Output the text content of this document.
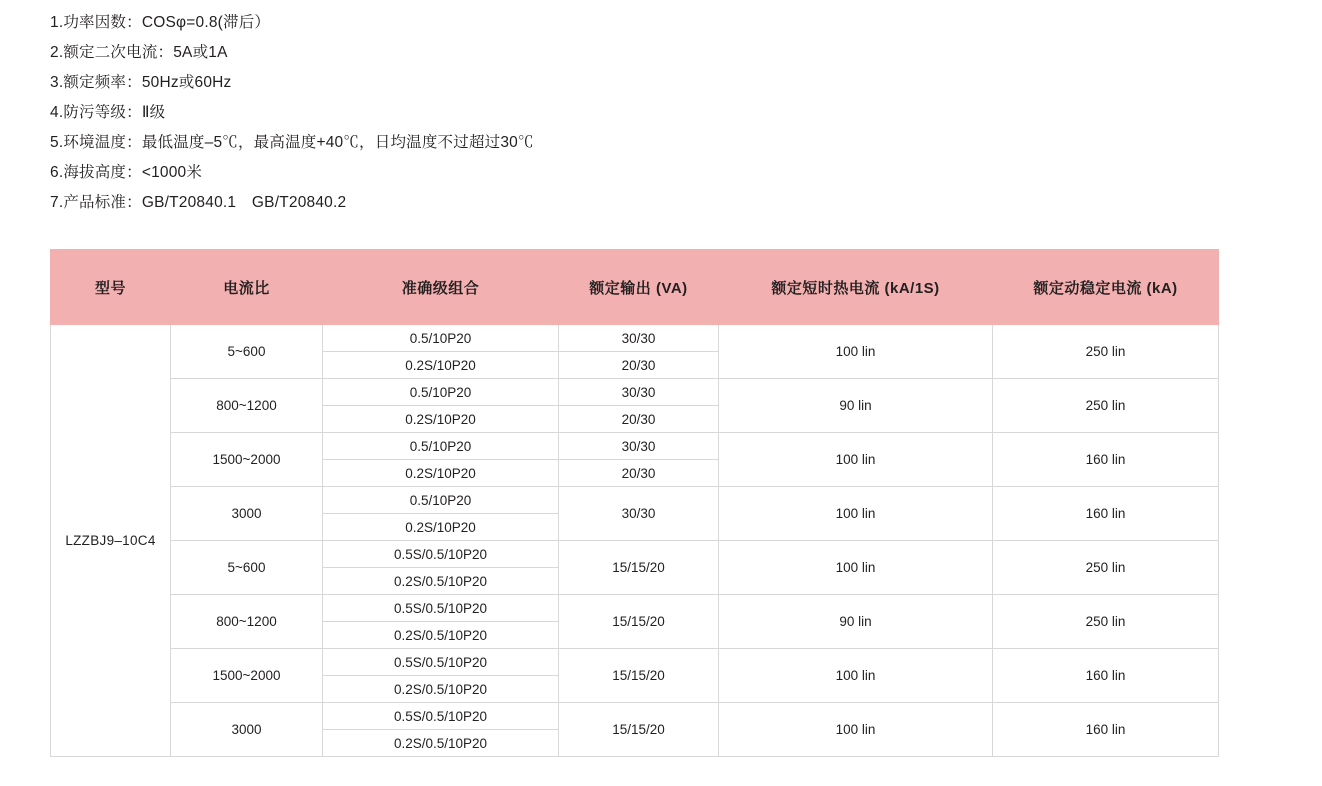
1.功率因数：COSφ=0.8(滞后）
2.额定二次电流：5A或1A
3.额定频率：50Hz或60Hz
4.防污等级：Ⅱ级
5.环境温度：最低温度–5℃，最高温度+40℃，日均温度不过超过30℃
6.海拔高度：<1000米
7.产品标准：GB/T20840.1　GB/T20840.2
型号	电流比	准确级组合	额定输出 (VA)	额定短时热电流 (kA/1S)	额定动稳定电流 (kA)
LZZBJ9–10C4	5~600	0.5/10P20	30/30	100 lin	250 lin
		0.2S/10P20	20/30		
	800~1200	0.5/10P20	30/30	90 lin	250 lin
		0.2S/10P20	20/30		
	1500~2000	0.5/10P20	30/30	100 lin	160 lin
		0.2S/10P20	20/30		
	3000	0.5/10P20	30/30	100 lin	160 lin
		0.2S/10P20			
	5~600	0.5S/0.5/10P20	15/15/20	100 lin	250 lin
		0.2S/0.5/10P20			
	800~1200	0.5S/0.5/10P20	15/15/20	90 lin	250 lin
		0.2S/0.5/10P20			
	1500~2000	0.5S/0.5/10P20	15/15/20	100 lin	160 lin
		0.2S/0.5/10P20			
	3000	0.5S/0.5/10P20	15/15/20	100 lin	160 lin
		0.2S/0.5/10P20			
